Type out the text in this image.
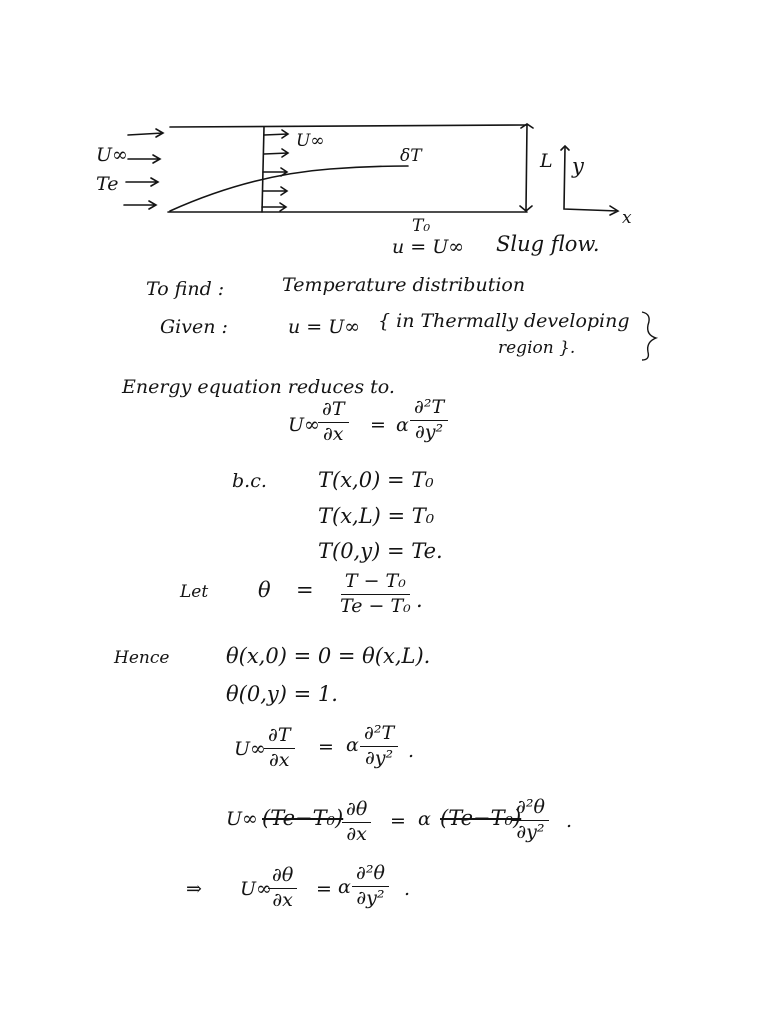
U∞
Te
U∞
δT	L y
x
T₀
u = U∞ Slug flow.
To find :	Temperature distribution
Given :	u = U∞ { in Thermally developing
region }.
Energy equation reduces to.
U∞
$\frac{\partial T}{\partial x} = \alpha \frac{\text{∂²T}}{\text{∂y²}}$
b.c. T(x,0) = T₀
T(x,L) = T₀
T(0,y) = Te.
Let $\theta = \frac{\text{T − T₀}}{\text{Te − T₀}}$ .
Hence	θ(x,0) = 0 = θ(x,L).
θ(0,y) = 1.
U∞
$\frac{\partial T}{\partial x} = \alpha \frac{\text{∂²T}}{\text{∂y²}}$ .
U∞ (Te−T₀)
$\frac{\partial\theta}{\partial x} = \alpha$ (Te−T₀)
$\frac{\text{∂²θ}}{\text{∂y²}}$ .
⇒ U∞
$\frac{\partial\theta}{\partial x} = \alpha \frac{\text{∂²θ}}{\text{∂y²}}$ .
